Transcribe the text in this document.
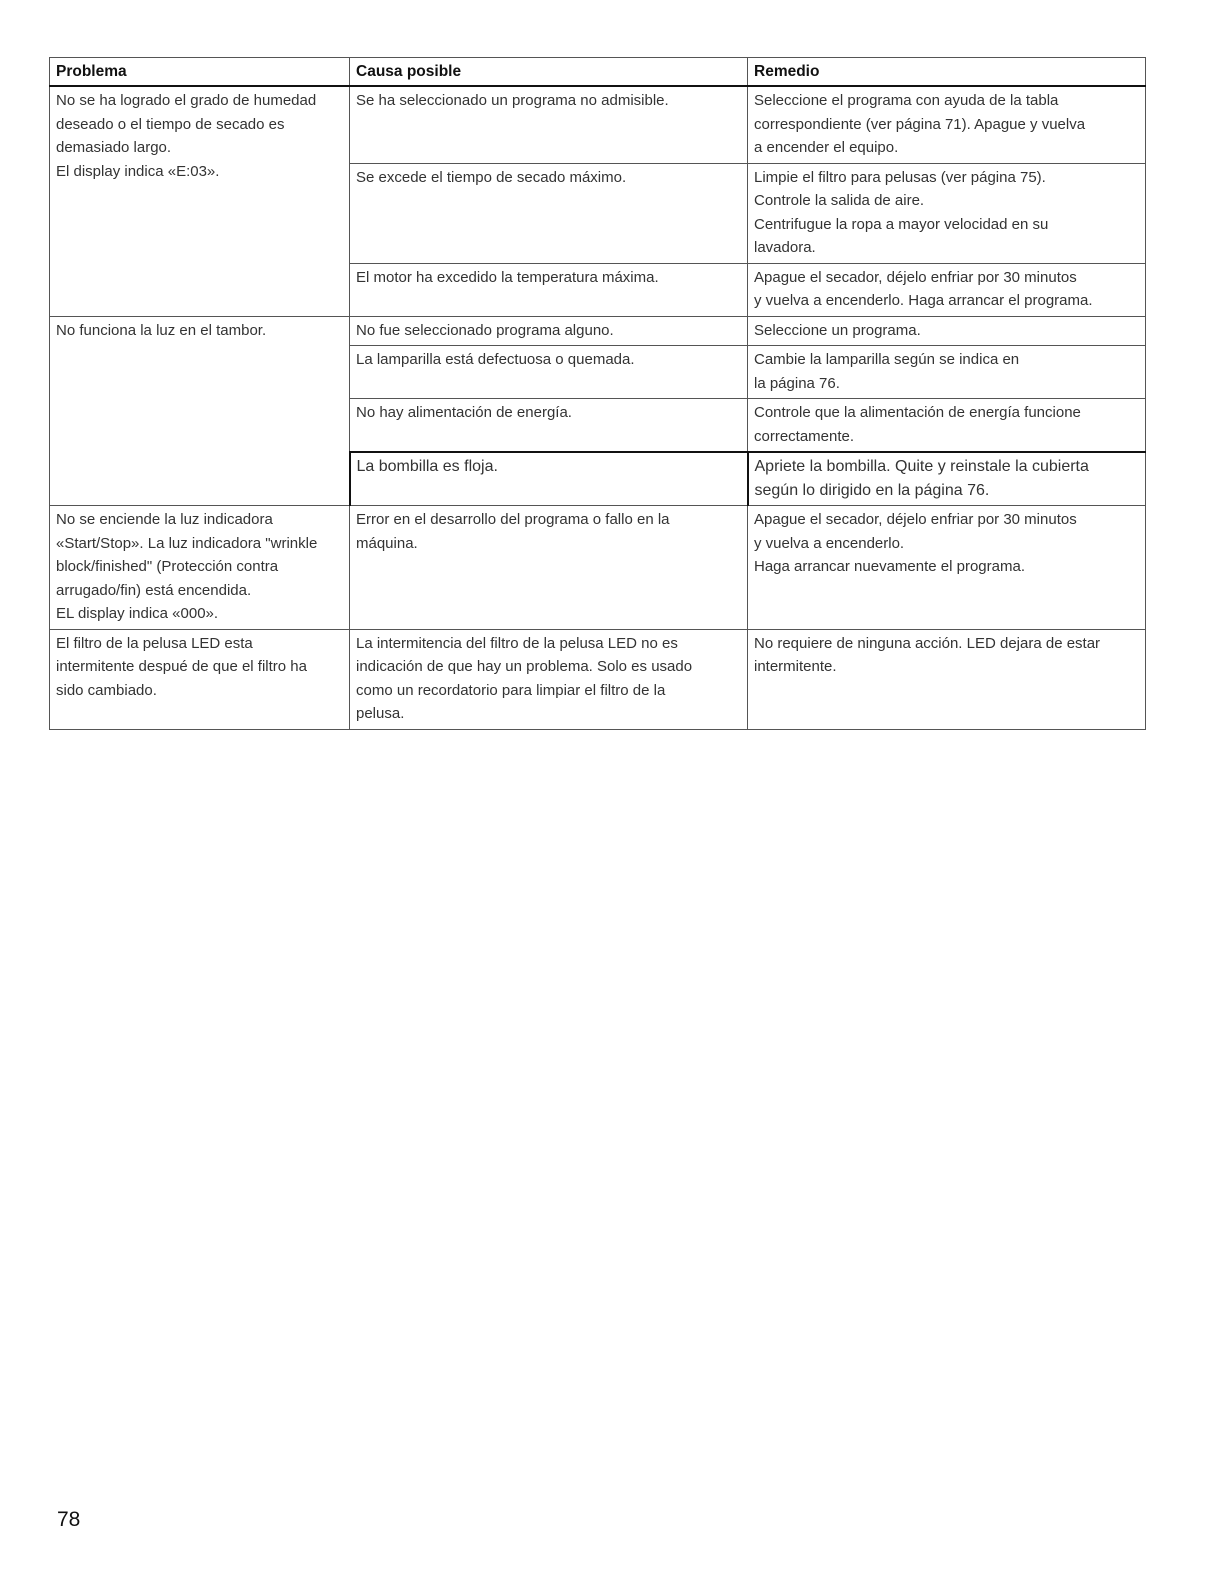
Problema	Causa posible	Remedio

No se ha logrado el grado de humedad
deseado o el tiempo de secado es
demasiado largo.
El display indica «E:03».	Se ha seleccionado un programa no admisible.	Seleccione el programa con ayuda de la tabla
correspondiente (ver página 71). Apague y vuelva
a encender el equipo.

	Se excede el tiempo de secado máximo.	Limpie el filtro para pelusas (ver página 75).
Controle la salida de aire.
Centrifugue la ropa a mayor velocidad en su
lavadora.

	El motor ha excedido la temperatura máxima.	Apague el secador, déjelo enfriar por 30 minutos
y vuelva a encenderlo. Haga arrancar el programa.

No funciona la luz en el tambor.	No fue seleccionado programa alguno.	Seleccione un programa.

	La lamparilla está defectuosa o quemada.	Cambie la lamparilla según se indica en
la página 76.

	No hay alimentación de energía.	Controle que la alimentación de energía funcione
correctamente.

	La bombilla es floja.	Apriete la bombilla. Quite y reinstale la cubierta
según lo dirigido en la página 76.

No se enciende la luz indicadora
«Start/Stop». La luz indicadora "wrinkle
block/finished" (Protección contra
arrugado/fin) está encendida.
EL display indica «000».	Error en el desarrollo del programa o fallo en la
máquina.	Apague el secador, déjelo enfriar por 30 minutos
y vuelva a encenderlo.
Haga arrancar nuevamente el programa.

El filtro de la pelusa LED esta
intermitente despué de que el filtro ha
sido cambiado.	La intermitencia del filtro de la pelusa LED no es
indicación de que hay un problema. Solo es usado
como un recordatorio para limpiar el filtro de la
pelusa.	No requiere de ninguna acción. LED dejara de estar
intermitente.
78
